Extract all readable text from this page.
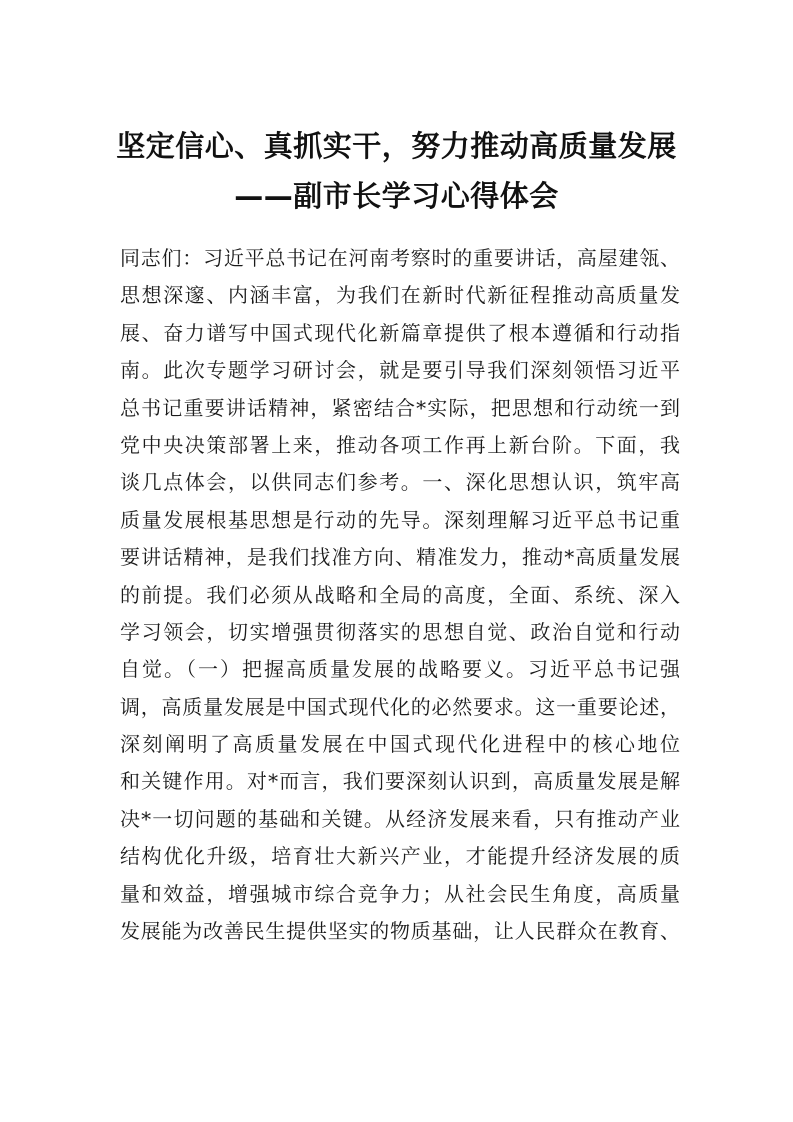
坚定信心、真抓实干，努力推动高质量发展
——副市长学习心得体会
同志们：习近平总书记在河南考察时的重要讲话，高屋建瓴、
思想深邃、内涵丰富，为我们在新时代新征程推动高质量发
展、奋力谱写中国式现代化新篇章提供了根本遵循和行动指
南。此次专题学习研讨会，就是要引导我们深刻领悟习近平
总书记重要讲话精神，紧密结合*实际，把思想和行动统一到
党中央决策部署上来，推动各项工作再上新台阶。下面，我
谈几点体会，以供同志们参考。一、深化思想认识，筑牢高
质量发展根基思想是行动的先导。深刻理解习近平总书记重
要讲话精神，是我们找准方向、精准发力，推动*高质量发展
的前提。我们必须从战略和全局的高度，全面、系统、深入
学习领会，切实增强贯彻落实的思想自觉、政治自觉和行动
自觉。（一）把握高质量发展的战略要义。习近平总书记强
调，高质量发展是中国式现代化的必然要求。这一重要论述，
深刻阐明了高质量发展在中国式现代化进程中的核心地位
和关键作用。对*而言，我们要深刻认识到，高质量发展是解
决*一切问题的基础和关键。从经济发展来看，只有推动产业
结构优化升级，培育壮大新兴产业，才能提升经济发展的质
量和效益，增强城市综合竞争力；从社会民生角度，高质量
发展能为改善民生提供坚实的物质基础，让人民群众在教育、
